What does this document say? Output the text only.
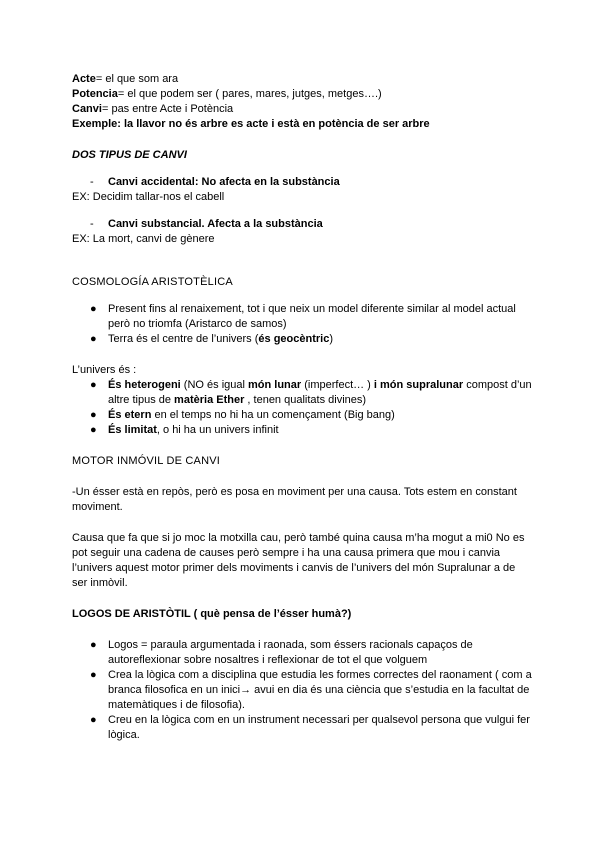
Acte= el que som ara

Potencia= el que podem ser ( pares, mares, jutges, metges….)

Canvi= pas entre Acte i Potència

Exemple: la llavor no és arbre es acte i està en potència de ser arbre

DOS TIPUS DE CANVI

-	Canvi accidental: No afecta en la substància

EX: Decidim tallar-nos el cabell

-	Canvi substancial. Afecta a la substància

EX: La mort, canvi de gènere

COSMOLOGÍA ARISTOTÈLICA

● Present fins al renaixement, tot i que neix un model diferente similar al model actual però no triomfa (Aristarco de samos)
● Terra és el centre de l’univers (és geocèntric)

L’univers és :

● És heterogeni (NO és igual món lunar (imperfect… ) i món supralunar compost d’un altre tipus de matèria Ether , tenen qualitats divines)
● És etern en el temps no hi ha un començament (Big bang)
● És limitat, o hi ha un univers infinit

MOTOR INMÓVIL DE CANVI

-Un ésser està en repòs, però es posa en moviment per una causa. Tots estem en constant moviment.

Causa que fa que si jo moc la motxilla cau, però també quina causa m’ha mogut a mi0 No es pot seguir una cadena de causes però sempre i ha una causa primera que mou i canvia l’univers aquest motor primer dels moviments i canvis de l’univers del món Supralunar a de ser inmòvil.

LOGOS DE ARISTÒTIL ( què pensa de l’ésser humà?)

● Logos = paraula argumentada i raonada, som éssers racionals capaços de autoreflexionar sobre nosaltres i reflexionar de tot el que volguem
● Crea la lògica com a disciplina que estudia les formes correctes del raonament ( com a branca filosofica en un inici→ avui en dia és una ciència que s’estudia en la facultat de matemàtiques i de filosofia).
● Creu en la lògica com en un instrument necessari per qualsevol persona que vulgui fer lògica.
